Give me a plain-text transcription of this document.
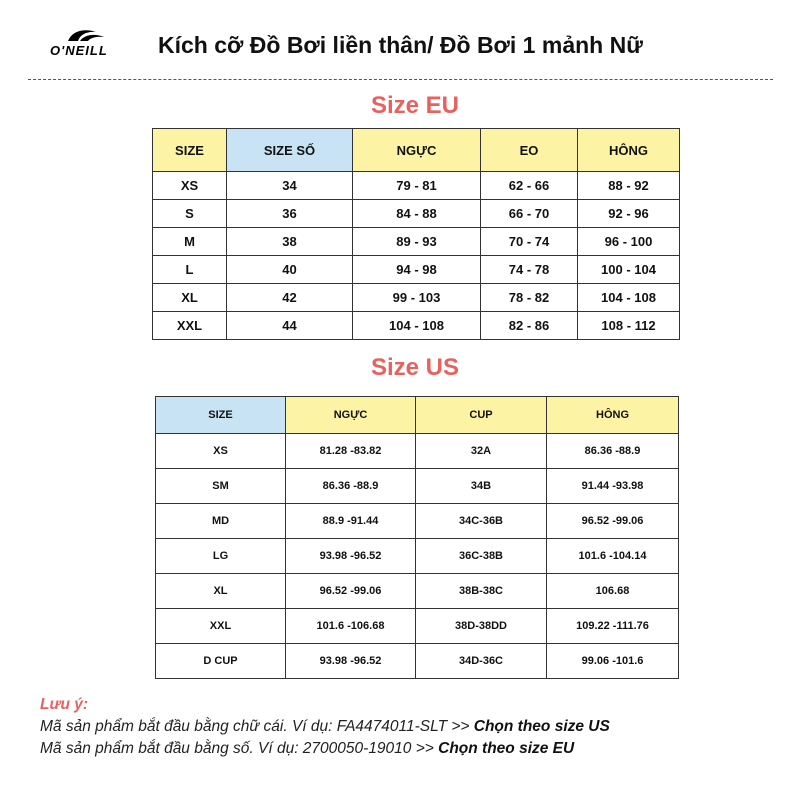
O'NEILL Kích cỡ Đồ Bơi liền thân/ Đồ Bơi 1 mảnh Nữ
Size EU
SIZE	SIZE SỐ	NGỰC	EO	HÔNG
XS	34	79 - 81	62 - 66	88 - 92
S	36	84 - 88	66 - 70	92 - 96
M	38	89 - 93	70 - 74	96 - 100
L	40	94 - 98	74 - 78	100 - 104
XL	42	99 - 103	78 - 82	104 - 108
XXL	44	104 - 108	82 - 86	108 - 112
Size US
SIZE	NGỰC	CUP	HÔNG
XS	81.28 -83.82	32A	86.36 -88.9
SM	86.36 -88.9	34B	91.44 -93.98
MD	88.9 -91.44	34C-36B	96.52 -99.06
LG	93.98 -96.52	36C-38B	101.6 -104.14
XL	96.52 -99.06	38B-38C	106.68
XXL	101.6 -106.68	38D-38DD	109.22 -111.76
D CUP	93.98 -96.52	34D-36C	99.06 -101.6
Lưu ý:
Mã sản phẩm bắt đầu bằng chữ cái. Ví dụ: FA4474011-SLT >> Chọn theo size US
Mã sản phẩm bắt đầu bằng số. Ví dụ: 2700050-19010 >> Chọn theo size EU
